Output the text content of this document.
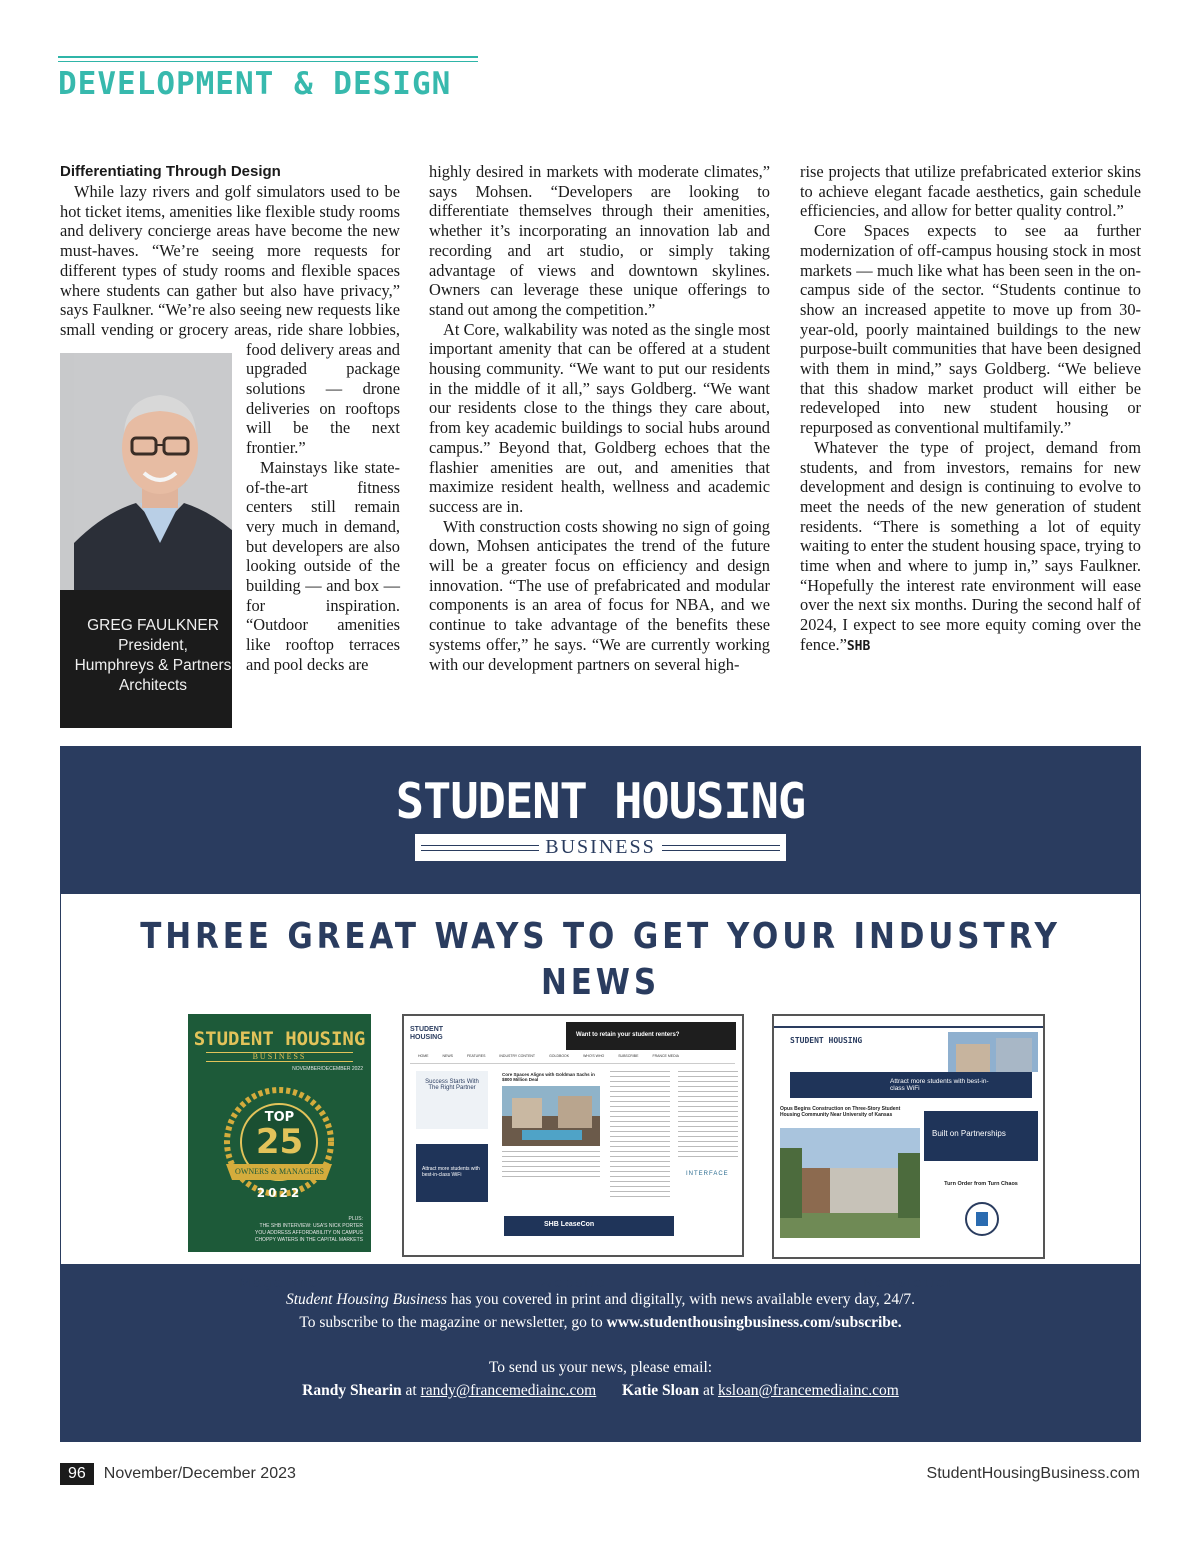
DEVELOPMENT & DESIGN
Differentiating Through Design

GREG FAULKNER
President,
Humphreys & Partners
Architects
While lazy rivers and golf simulators used to be hot ticket items, amenities like flexible study rooms and delivery concierge areas have become the new must-haves. “We’re seeing more requests for different types of study rooms and flexible spaces where students can gather but also have privacy,” says Faulkner. “We’re also seeing new requests like small vending or grocery areas, ride share lobbies, food delivery areas and upgraded package solutions — drone deliveries on rooftops will be the next frontier.”

Mainstays like state-of-the-art fitness centers still remain very much in demand, but developers are also looking outside of the building — and box — for inspiration. “Outdoor amenities like rooftop terraces and pool decks are

highly desired in markets with moderate climates,” says Mohsen. “Developers are looking to differentiate themselves through their amenities, whether it’s incorporating an innovation lab and recording and art studio, or simply taking advantage of views and downtown skylines. Owners can leverage these unique offerings to stand out among the competition.”

At Core, walkability was noted as the single most important amenity that can be offered at a student housing community. “We want to put our residents in the middle of it all,” says Goldberg. “We want our residents close to the things they care about, from key academic buildings to social hubs around campus.” Beyond that, Goldberg echoes that the flashier amenities are out, and amenities that maximize resident health, wellness and academic success are in.

With construction costs showing no sign of going down, Mohsen anticipates the trend of the future will be a greater focus on efficiency and design innovation. “The use of prefabricated and modular components is an area of focus for NBA, and we continue to take advantage of the benefits these systems offer,” he says. “We are currently working with our development partners on several high-

rise projects that utilize prefabricated exterior skins to achieve elegant facade aesthetics, gain schedule efficiencies, and allow for better quality control.”

Core Spaces expects to see aa further modernization of off-campus housing stock in most markets — much like what has been seen in the on-campus side of the sector. “Students continue to show an increased appetite to move up from 30-year-old, poorly maintained buildings to the new purpose-built communities that have been designed with them in mind,” says Goldberg. “We believe that this shadow market product will either be redeveloped into new student housing or repurposed as conventional multifamily.”

Whatever the type of project, demand from students, and from investors, remains for new development and design is continuing to evolve to meet the needs of the new generation of student residents. “There is something a lot of equity waiting to enter the student housing space, trying to time when and where to jump in,” says Faulkner. “Hopefully the interest rate environment will ease over the next six months. During the second half of 2024, I expect to see more equity coming over the fence.”SHB

STUDENT HOUSING
BUSINESS
THREE GREAT WAYS TO GET YOUR INDUSTRY NEWS
STUDENT HOUSING
BUSINESS
NOVEMBER/DECEMBER 2022
TOP
25
OWNERS & MANAGERS
2022
PLUS:
THE SHB INTERVIEW: USA'S NICK PORTER
YOU ADDRESS AFFORDABILITY ON CAMPUS
CHOPPY WATERS IN THE CAPITAL MARKETS
STUDENT HOUSING	Want to retain your student renters?
HOME	NEWS	FEATURES	INDUSTRY CONTENT	GOLDBOOK	WHO'S WHO	SUBSCRIBE	FRANCE MEDIA
Success Starts With The Right Partner
Attract more students with best-in-class WiFi
Core Spaces Aligns with Goldman Sachs in $800 Million Deal
INTERFACE
SHB LeaseCon
STUDENT HOUSING
Attract more students with best-in-class WiFi
Opus Begins Construction on Three-Story Student Housing Community Near University of Kansas
Built on Partnerships
Turn Order from Turn Chaos
Magazine	Website	Newsletter
Student Housing Business has you covered in print and digitally, with news available every day, 24/7.
To subscribe to the magazine or newsletter, go to www.studenthousingbusiness.com/subscribe.
To send us your news, please email:
Randy Shearin at randy@francemediainc.com Katie Sloan at ksloan@francemediainc.com
96	November/December 2023	StudentHousingBusiness.com
